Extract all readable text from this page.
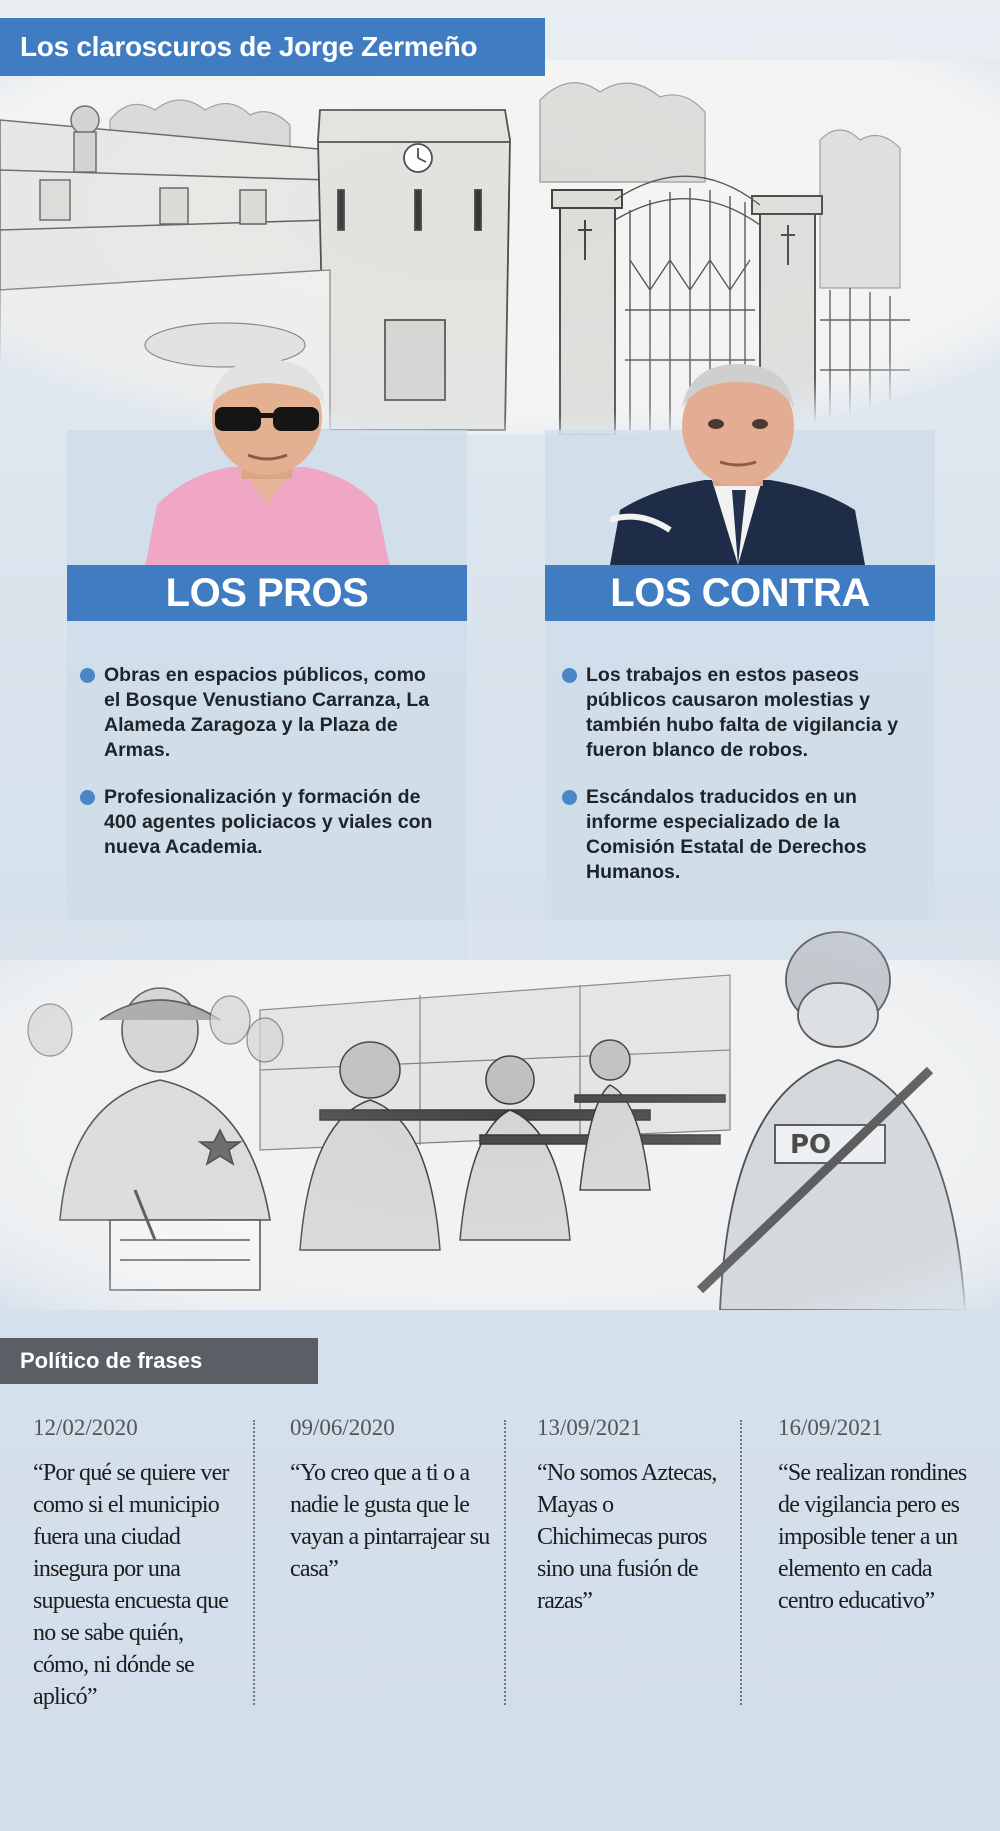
Los claroscuros de Jorge Zermeño
LOS PROS	LOS CONTRA
Obras en espacios públicos, como el Bosque Venustiano Carranza, La Alameda Zaragoza y la Plaza de Armas.
Profesionalización y formación de 400 agentes policiacos y viales con nueva Academia.
Los trabajos en estos paseos públicos causaron molestias y también hubo falta de vigilancia y fueron blanco de robos.
Escándalos traducidos en un informe especializado de la Comisión Estatal de Derechos Humanos.
Político de frases
12/02/2020
“Por qué se quiere ver como si el municipio fuera una ciudad insegura por una supuesta encuesta que no se sabe quién, cómo, ni dónde se aplicó”
09/06/2020
“Yo creo que a ti o a nadie le gusta que le vayan a pintarrajear su casa”
13/09/2021
“No somos Aztecas, Mayas o Chichimecas puros sino una fusión de razas”
16/09/2021
“Se realizan rondines de vigilancia pero es imposible tener a un elemento en cada centro educativo”
